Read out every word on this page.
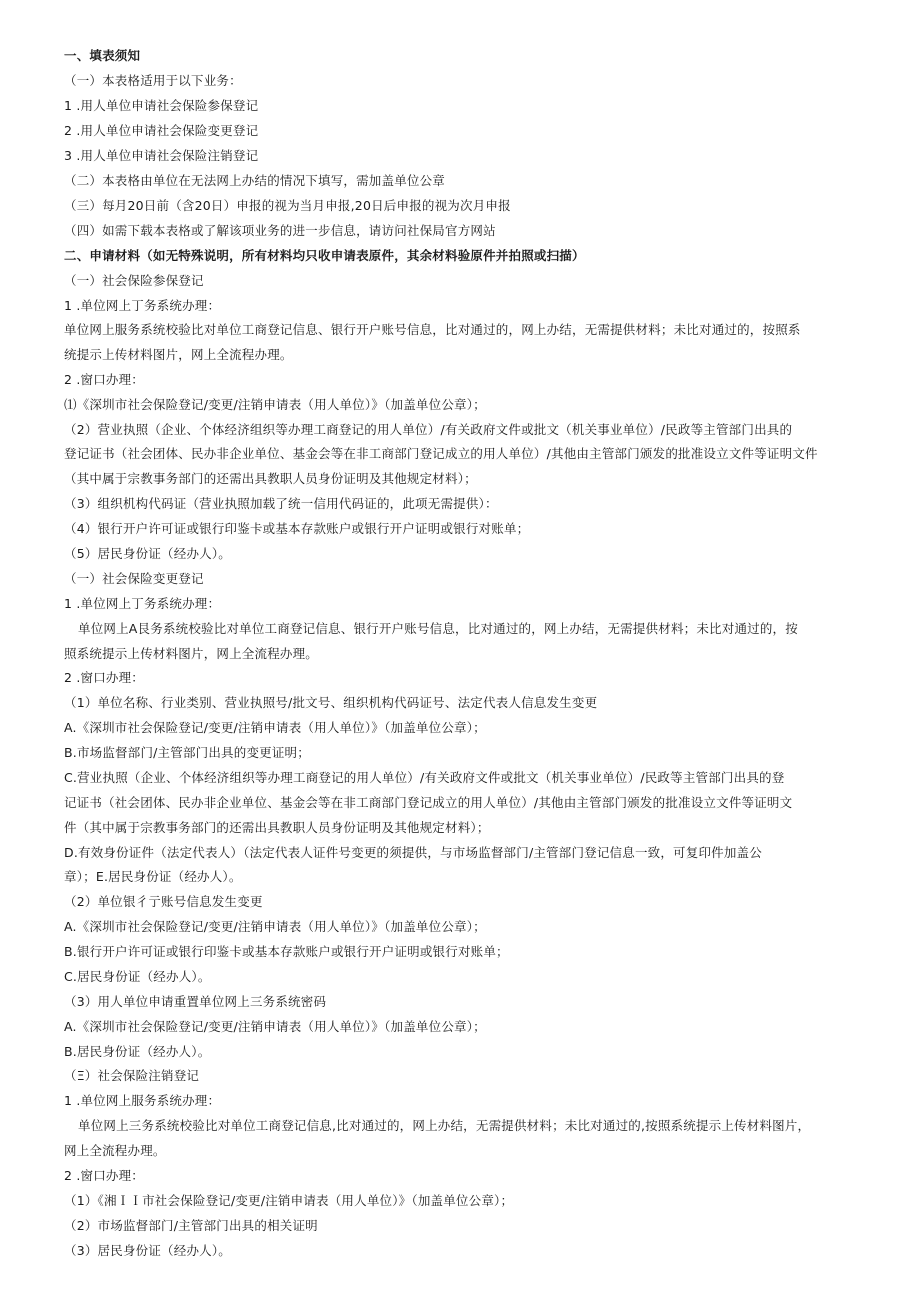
一、填表须知
（一）本表格适用于以下业务：
1 .用人单位申请社会保险参保登记
2 .用人单位申请社会保险变更登记
3 .用人单位申请社会保险注销登记
（二）本表格由单位在无法网上办结的情况下填写，需加盖单位公章
（三）每月20日前（含20日）申报的视为当月申报,20日后申报的视为次月申报
（四）如需下载本表格或了解该项业务的进一步信息，请访问社保局官方网站
二、申请材料（如无特殊说明，所有材料均只收申请表原件，其余材料验原件并拍照或扫描）
（一）社会保险参保登记
1 .单位网上丁务系统办理：
单位网上服务系统校验比对单位工商登记信息、银行开户账号信息，比对通过的，网上办结，无需提供材料；未比对通过的，按照系
统提示上传材料图片，网上全流程办理。
2 .窗口办理：
⑴《深圳市社会保险登记/变更/注销申请表（用人单位）》（加盖单位公章）；
（2）营业执照（企业、个体经济组织等办理工商登记的用人单位）/有关政府文件或批文（机关事业单位）/民政等主管部门出具的
登记证书（社会团体、民办非企业单位、基金会等在非工商部门登记成立的用人单位）/其他由主管部门颁发的批准设立文件等证明文件
（其中属于宗教事务部门的还需出具教职人员身份证明及其他规定材料）；
（3）组织机构代码证（营业执照加载了统一信用代码证的，此项无需提供）：
（4）银行开户许可证或银行印鉴卡或基本存款账户或银行开户证明或银行对账单；
（5）居民身份证（经办人）。
（一）社会保险变更登记
1 .单位网上丁务系统办理：
单位网上A艮务系统校验比对单位工商登记信息、银行开户账号信息，比对通过的，网上办结，无需提供材料；未比对通过的，按
照系统提示上传材料图片，网上全流程办理。
2 .窗口办理：
（1）单位名称、行业类别、营业执照号/批文号、组织机构代码证号、法定代表人信息发生变更
A.《深圳市社会保险登记/变更/注销申请表（用人单位）》（加盖单位公章）；
B.市场监督部门/主管部门出具的变更证明；
C.营业执照（企业、个体经济组织等办理工商登记的用人单位）/有关政府文件或批文（机关事业单位）/民政等主管部门出具的登
记证书（社会团体、民办非企业单位、基金会等在非工商部门登记成立的用人单位）/其他由主管部门颁发的批准设立文件等证明文
件（其中属于宗教事务部门的还需出具教职人员身份证明及其他规定材料）；
D.有效身份证件（法定代表人）（法定代表人证件号变更的须提供，与市场监督部门/主管部门登记信息一致，可复印件加盖公
章）；E.居民身份证（经办人）。
（2）单位银彳亍账号信息发生变更
A.《深圳市社会保险登记/变更/注销申请表（用人单位）》（加盖单位公章）；
B.银行开户许可证或银行印鉴卡或基本存款账户或银行开户证明或银行对账单；
C.居民身份证（经办人）。
（3）用人单位申请重置单位网上三务系统密码
A.《深圳市社会保险登记/变更/注销申请表（用人单位）》（加盖单位公章）；
B.居民身份证（经办人）。
（Ξ）社会保险注销登记
1 .单位网上服务系统办理：
单位网上三务系统校验比对单位工商登记信息,比对通过的，网上办结，无需提供材料；未比对通过的,按照系统提示上传材料图片，
网上全流程办理。
2 .窗口办理：
（1）《湘ＩＩ市社会保险登记/变更/注销申请表（用人单位）》（加盖单位公章）；
（2）市场监督部门/主管部门出具的相关证明
（3）居民身份证（经办人）。
